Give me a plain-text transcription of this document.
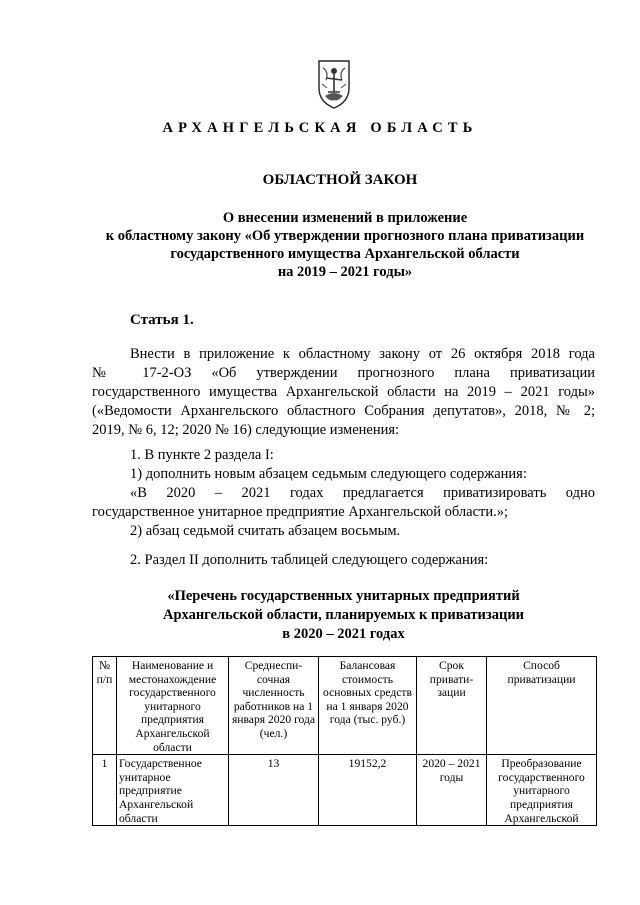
АРХАНГЕЛЬСКАЯ ОБЛАСТЬ
ОБЛАСТНОЙ ЗАКОН
О внесении изменений в приложение
к областному закону «Об утверждении прогнозного плана приватизации
государственного имущества Архангельской области
на 2019 – 2021 годы»
Статья 1.
Внести в приложение к областному закону от 26 октября 2018 года
№ 17-2-ОЗ «Об утверждении прогнозного плана приватизации
государственного имущества Архангельской области на 2019 – 2021 годы»
(«Ведомости Архангельского областного Собрания депутатов», 2018, № 2;
2019, № 6, 12; 2020 № 16) следующие изменения:
1. В пункте 2 раздела I:
1) дополнить новым абзацем седьмым следующего содержания:
«В 2020 – 2021 годах предлагается приватизировать одно
государственное унитарное предприятие Архангельской области.»;
2) абзац седьмой считать абзацем восьмым.
2. Раздел II дополнить таблицей следующего содержания:
«Перечень государственных унитарных предприятий
Архангельской области, планируемых к приватизации
в 2020 – 2021 годах
№ п/п	Наименование и местонахождение государственного унитарного предприятия Архангельской области	Среднеспи-сочная численность работников на 1 января 2020 года (чел.)	Балансовая стоимость основных средств на 1 января 2020 года (тыс. руб.)	Срок привати-зации	Способ приватизации
1	Государственное унитарное предприятие Архангельской области	13	19152,2	2020 – 2021 годы	Преобразование государственного унитарного предприятия Архангельской
